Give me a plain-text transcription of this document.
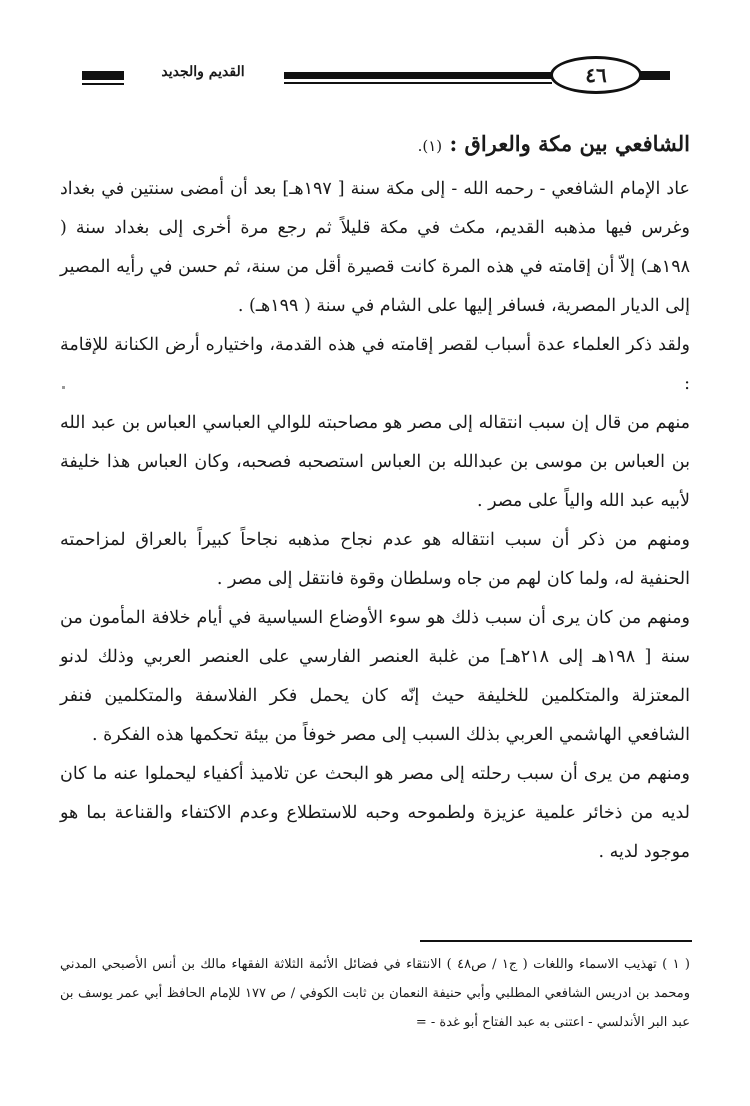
٤٦
القديم والجديد
الشافعي بين مكة والعراق : (١).

عاد الإمام الشافعي - رحمه الله - إلى مكة سنة [ ١٩٧هـ] بعد أن أمضى سنتين في بغداد وغرس فيها مذهبه القديم، مكث في مكة قليلاً ثم رجع مرة أخرى إلى بغداد سنة ( ١٩٨هـ) إلاّ أن إقامته في هذه المرة كانت قصيرة أقل من سنة، ثم حسن في رأيه المصير إلى الديار المصرية، فسافر إليها على الشام في سنة ( ١٩٩هـ) .

ولقد ذكر العلماء عدة أسباب لقصر إقامته في هذه القدمة، واختياره أرض الكنانة للإقامة :

منهم من قال إن سبب انتقاله إلى مصر هو مصاحبته للوالي العباسي العباس بن عبد الله بن العباس بن موسى بن عبدالله بن العباس استصحبه فصحبه، وكان العباس هذا خليفة لأبيه عبد الله والياً على مصر .

ومنهم من ذكر أن سبب انتقاله هو عدم نجاح مذهبه نجاحاً كبيراً بالعراق لمزاحمته الحنفية له، ولما كان لهم من جاه وسلطان وقوة فانتقل إلى مصر .

ومنهم من كان يرى أن سبب ذلك هو سوء الأوضاع السياسية في أيام خلافة المأمون من سنة [ ١٩٨هـ إلى ٢١٨هـ] من غلبة العنصر الفارسي على العنصر العربي وذلك لدنو المعتزلة والمتكلمين للخليفة حيث إنّه كان يحمل فكر الفلاسفة والمتكلمين فنفر الشافعي الهاشمي العربي بذلك السبب إلى مصر خوفاً من بيئة تحكمها هذه الفكرة .

ومنهم من يرى أن سبب رحلته إلى مصر هو البحث عن تلاميذ أكفياء ليحملوا عنه ما كان لديه من ذخائر علمية عزيزة ولطموحه وحبه للاستطلاع وعدم الاكتفاء والقناعة بما هو موجود لديه .

( ١ ) تهذيب الاسماء واللغات ( ج١ / ص٤٨ ) الانتقاء في فضائل الأئمة الثلاثة الفقهاء مالك بن أنس الأصبحي المدني ومحمد بن ادريس الشافعي المطلبي وأبي حنيفة النعمان بن ثابت الكوفي / ص ١٧٧ للإمام الحافظ أبي عمر يوسف بن عبد البر الأندلسي - اعتنى به عبد الفتاح أبو غدة - =
